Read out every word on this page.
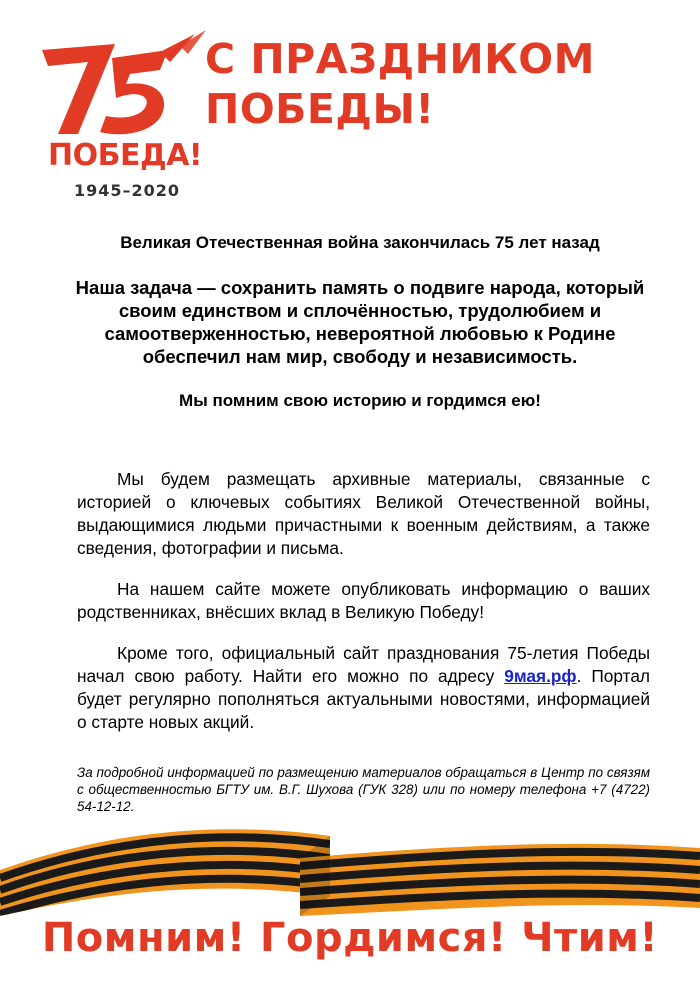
ПОБЕДА!
1945–2020
С ПРАЗДНИКОМ
ПОБЕДЫ!

Великая Отечественная война закончилась 75 лет назад

Наша задача — сохранить память о подвиге народа, который своим единством и сплочённостью, трудолюбием и самоотверженностью, невероятной любовью к Родине обеспечил нам мир, свободу и независимость.

Мы помним свою историю и гордимся ею!

Мы будем размещать архивные материалы, связанные с историей о ключевых событиях Великой Отечественной войны, выдающимися людьми причастными к военным действиям, а также сведения, фотографии и письма.

На нашем сайте можете опубликовать информацию о ваших родственниках, внёсших вклад в Великую Победу!

Кроме того, официальный сайт празднования 75-летия Победы начал свою работу. Найти его можно по адресу 9мая.рф. Портал будет регулярно пополняться актуальными новостями, информацией о старте новых акций.

За подробной информацией по размещению материалов обращаться в Центр по связям с общественностью БГТУ им. В.Г. Шухова (ГУК 328) или по номеру телефона +7 (4722) 54-12-12.
Помним! Гордимся! Чтим!
